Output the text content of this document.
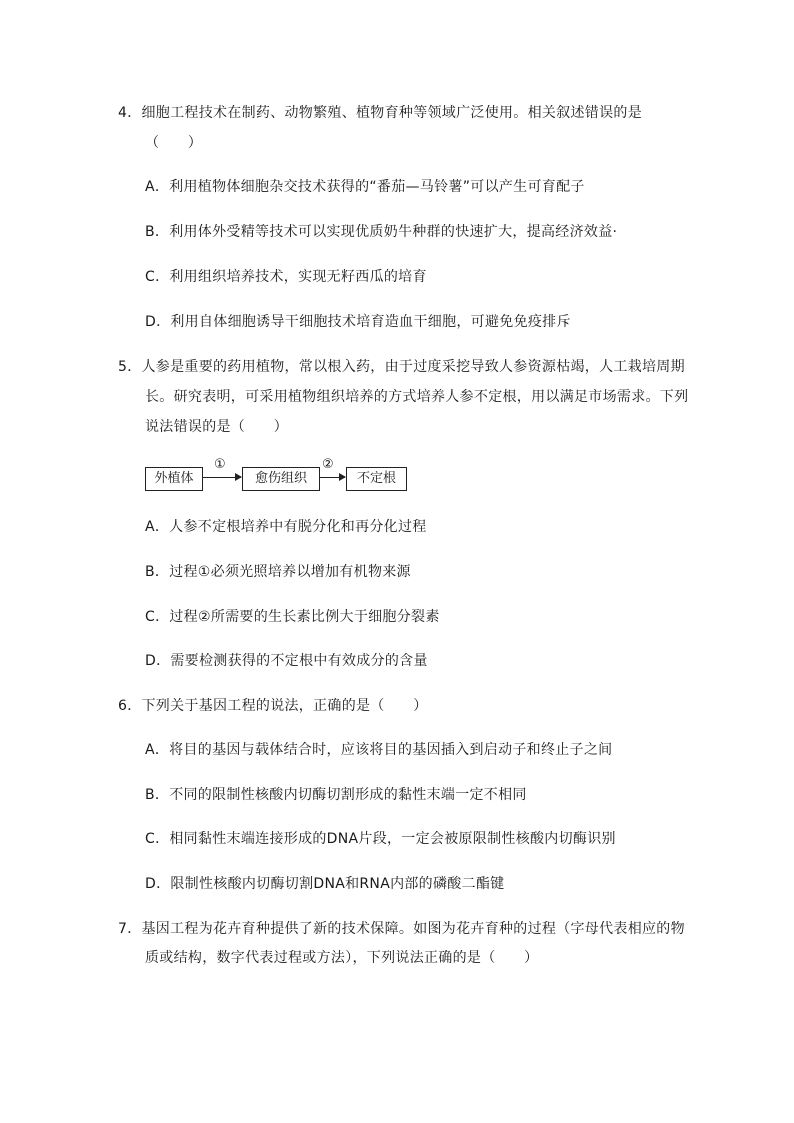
4．细胞工程技术在制药、动物繁殖、植物育种等领域广泛使用。相关叙述错误的是
（　　）
A．利用植物体细胞杂交技术获得的“番茄—马铃薯”可以产生可育配子
B．利用体外受精等技术可以实现优质奶牛种群的快速扩大，提高经济效益·
C．利用组织培养技术，实现无籽西瓜的培育
D．利用自体细胞诱导干细胞技术培育造血干细胞，可避免免疫排斥
5．人参是重要的药用植物，常以根入药，由于过度采挖导致人参资源枯竭，人工栽培周期
长。研究表明，可采用植物组织培养的方式培养人参不定根，用以满足市场需求。下列
说法错误的是（　　）
外植体
①
愈伤组织
②
不定根
A．人参不定根培养中有脱分化和再分化过程
B．过程①必须光照培养以增加有机物来源
C．过程②所需要的生长素比例大于细胞分裂素
D．需要检测获得的不定根中有效成分的含量
6．下列关于基因工程的说法，正确的是（　　）
A．将目的基因与载体结合时，应该将目的基因插入到启动子和终止子之间
B．不同的限制性核酸内切酶切割形成的黏性末端一定不相同
C．相同黏性末端连接形成的DNA片段，一定会被原限制性核酸内切酶识别
D．限制性核酸内切酶切割DNA和RNA内部的磷酸二酯键
7．基因工程为花卉育种提供了新的技术保障。如图为花卉育种的过程（字母代表相应的物
质或结构，数字代表过程或方法），下列说法正确的是（　　）
